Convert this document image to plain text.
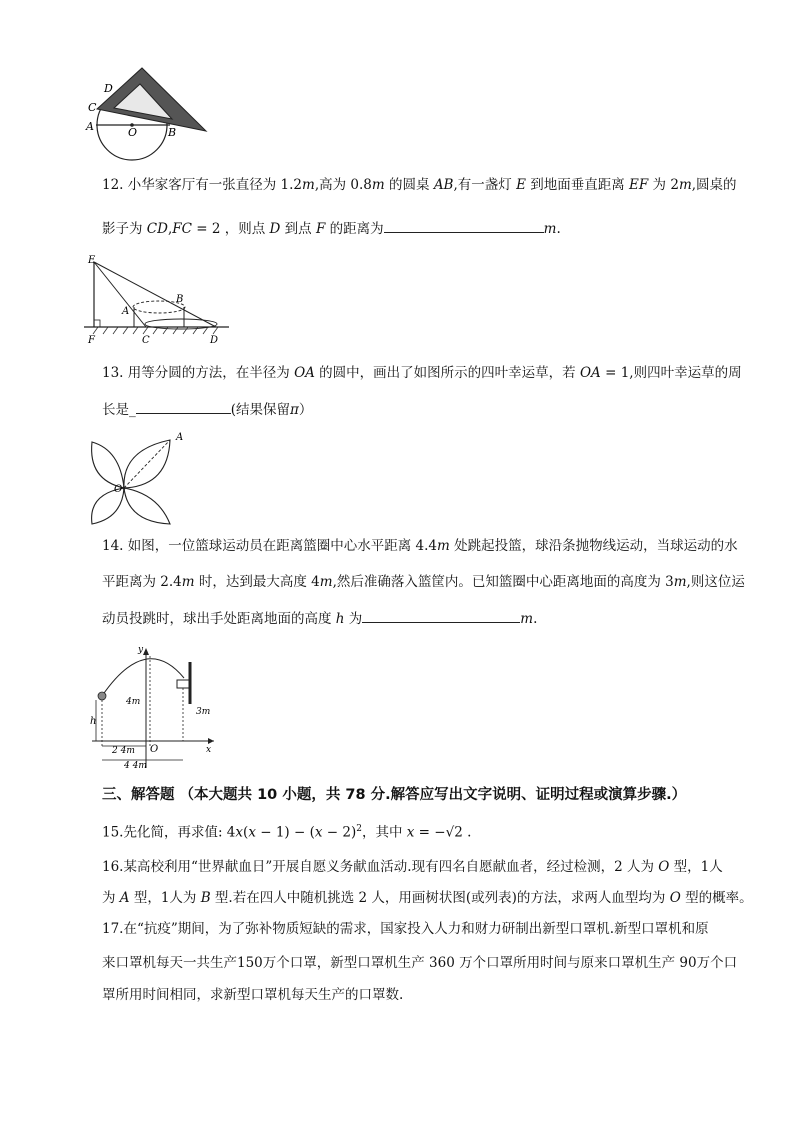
D
C
A	O	B
12. 小华家客厅有一张直径为 1.2m,高为 0.8m 的圆桌 AB,有一盏灯 E 到地面垂直距离 EF 为 2m,圆桌的
影子为 CD,FC = 2 ，则点 D 到点 F 的距离为	m.
E
B
A
F	C	D
13. 用等分圆的方法，在半径为 OA 的圆中，画出了如图所示的四叶幸运草，若 OA = 1,则四叶幸运草的周
长是_	(结果保留π）
A
O
14. 如图，一位篮球运动员在距离篮圈中心水平距离 4.4m 处跳起投篮，球沿条抛物线运动，当球运动的水
平距离为 2.4m 时，达到最大高度 4m,然后准确落入篮筐内。已知篮圈中心距离地面的高度为 3m,则这位运
动员投跳时，球出手处距离地面的高度 h 为	m.
y
h
4m
3m
2 4m O	x
4 4m
三、解答题 （本大题共 10 小题，共 78 分.解答应写出文字说明、证明过程或演算步骤.）
15.先化简，再求值: $4x(x - 1) - (x - 2)^2$，其中 x = −√2 .
16.某高校利用“世界献血日”开展自愿义务献血活动.现有四名自愿献血者，经过检测，2 人为 O 型，1人
为 A 型，1人为 B 型.若在四人中随机挑选 2 人，用画树状图(或列表)的方法，求两人血型均为 O 型的概率。
17.在“抗疫”期间，为了弥补物质短缺的需求，国家投入人力和财力研制出新型口罩机.新型口罩机和原
来口罩机每天一共生产150万个口罩，新型口罩机生产 360 万个口罩所用时间与原来口罩机生产 90万个口
罩所用时间相同，求新型口罩机每天生产的口罩数.
